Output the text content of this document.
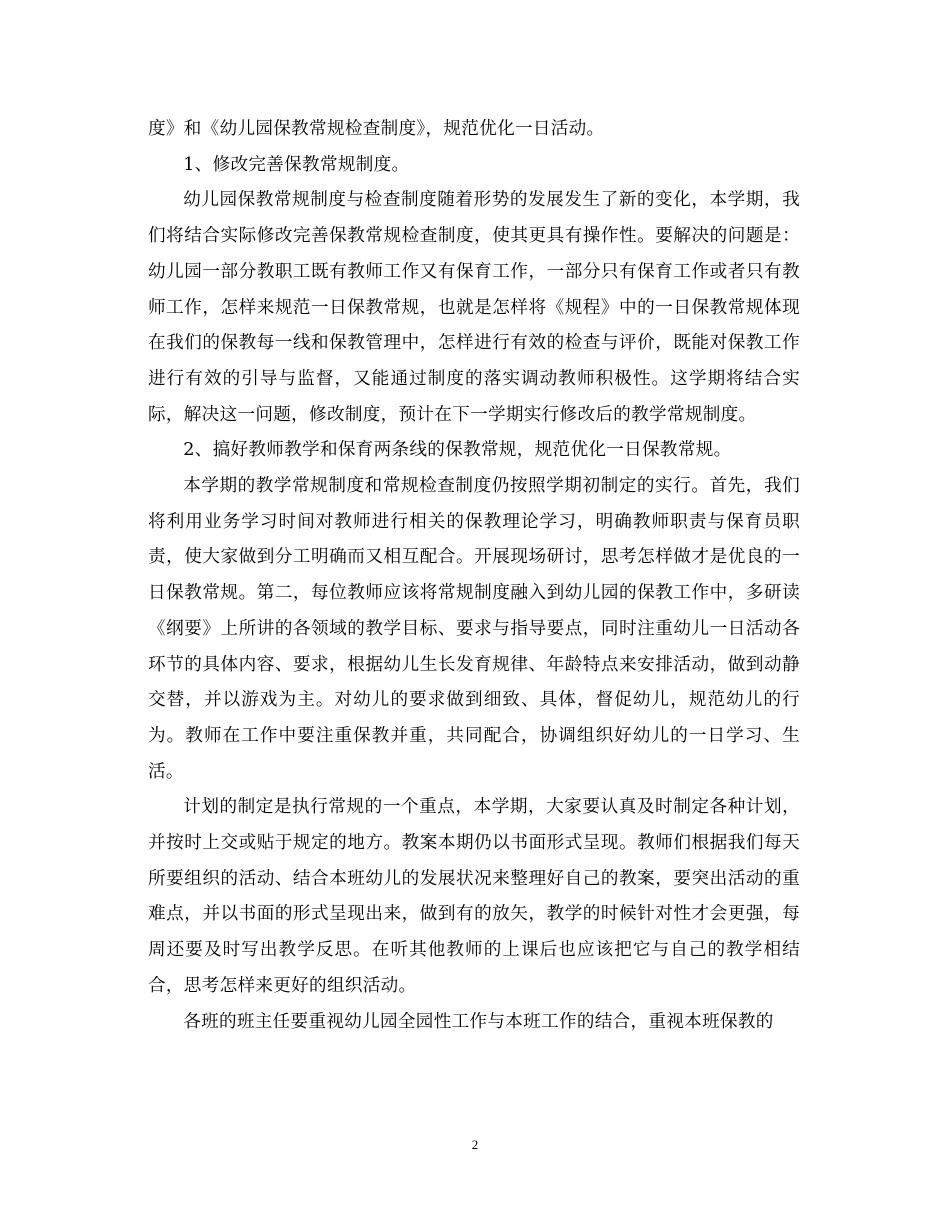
度》和《幼儿园保教常规检查制度》，规范优化一日活动。

1、修改完善保教常规制度。

幼儿园保教常规制度与检查制度随着形势的发展发生了新的变化，本学期，我们将结合实际修改完善保教常规检查制度，使其更具有操作性。要解决的问题是：幼儿园一部分教职工既有教师工作又有保育工作，一部分只有保育工作或者只有教师工作，怎样来规范一日保教常规，也就是怎样将《规程》中的一日保教常规体现在我们的保教每一线和保教管理中，怎样进行有效的检查与评价，既能对保教工作进行有效的引导与监督，又能通过制度的落实调动教师积极性。这学期将结合实际，解决这一问题，修改制度，预计在下一学期实行修改后的教学常规制度。

2、搞好教师教学和保育两条线的保教常规，规范优化一日保教常规。

本学期的教学常规制度和常规检查制度仍按照学期初制定的实行。首先，我们将利用业务学习时间对教师进行相关的保教理论学习，明确教师职责与保育员职责，使大家做到分工明确而又相互配合。开展现场研讨，思考怎样做才是优良的一日保教常规。第二，每位教师应该将常规制度融入到幼儿园的保教工作中，多研读《纲要》上所讲的各领域的教学目标、要求与指导要点，同时注重幼儿一日活动各环节的具体内容、要求，根据幼儿生长发育规律、年龄特点来安排活动，做到动静交替，并以游戏为主。对幼儿的要求做到细致、具体，督促幼儿，规范幼儿的行为。教师在工作中要注重保教并重，共同配合，协调组织好幼儿的一日学习、生活。

计划的制定是执行常规的一个重点，本学期，大家要认真及时制定各种计划，并按时上交或贴于规定的地方。教案本期仍以书面形式呈现。教师们根据我们每天所要组织的活动、结合本班幼儿的发展状况来整理好自己的教案，要突出活动的重难点，并以书面的形式呈现出来，做到有的放矢，教学的时候针对性才会更强，每周还要及时写出教学反思。在听其他教师的上课后也应该把它与自己的教学相结合，思考怎样来更好的组织活动。

各班的班主任要重视幼儿园全园性工作与本班工作的结合，重视本班保教的

2
